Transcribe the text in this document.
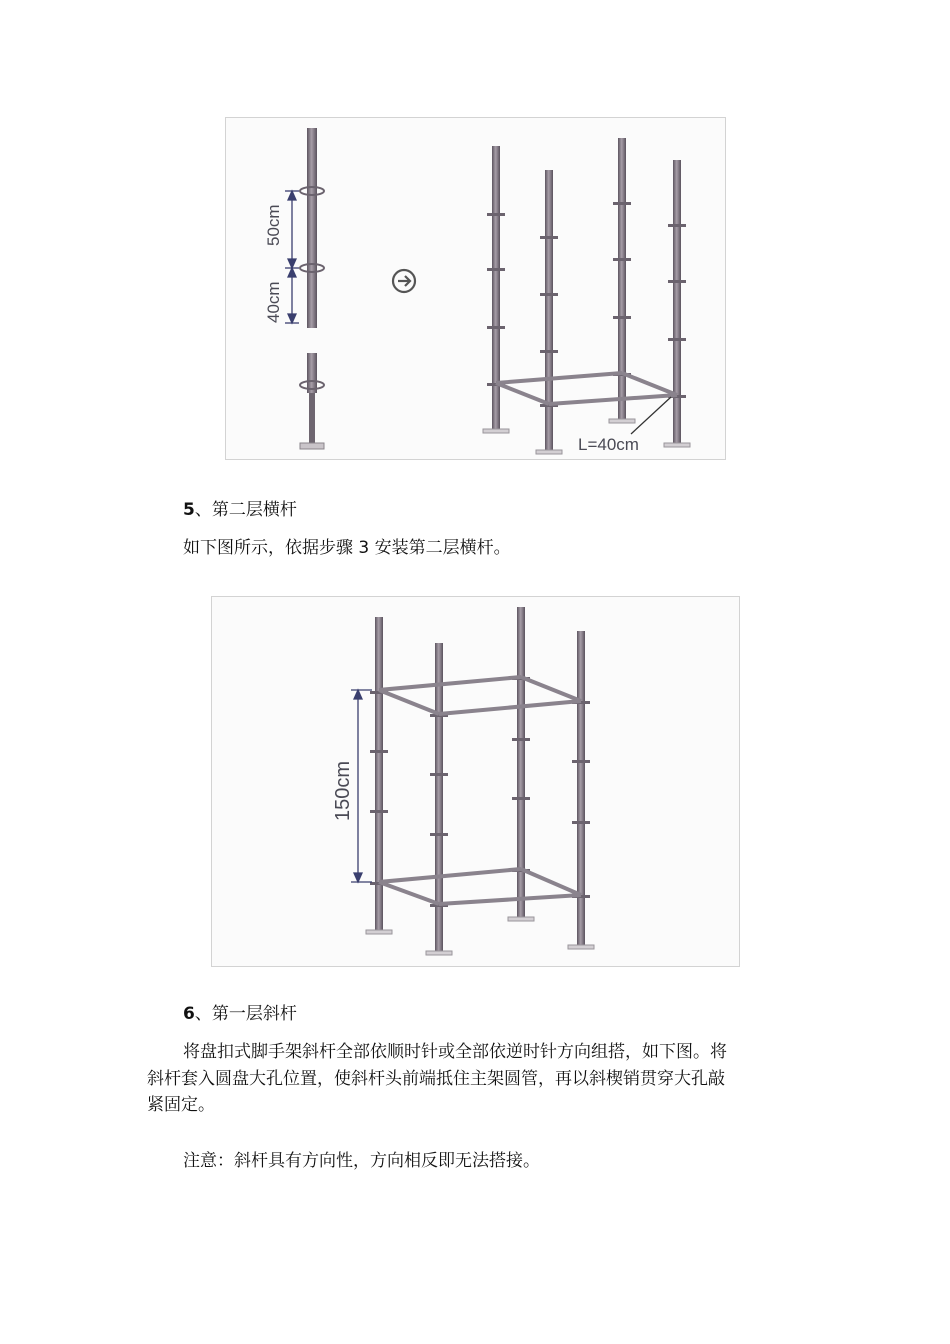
50cm
40cm
L=40cm
5、第二层横杆

如下图所示，依据步骤 3 安装第二层横杆。

150cm
6、第一层斜杆

将盘扣式脚手架斜杆全部依顺时针或全部依逆时针方向组搭，如下图。将

斜杆套入圆盘大孔位置，使斜杆头前端抵住主架圆管，再以斜楔销贯穿大孔敲

紧固定。

注意：斜杆具有方向性，方向相反即无法搭接。
